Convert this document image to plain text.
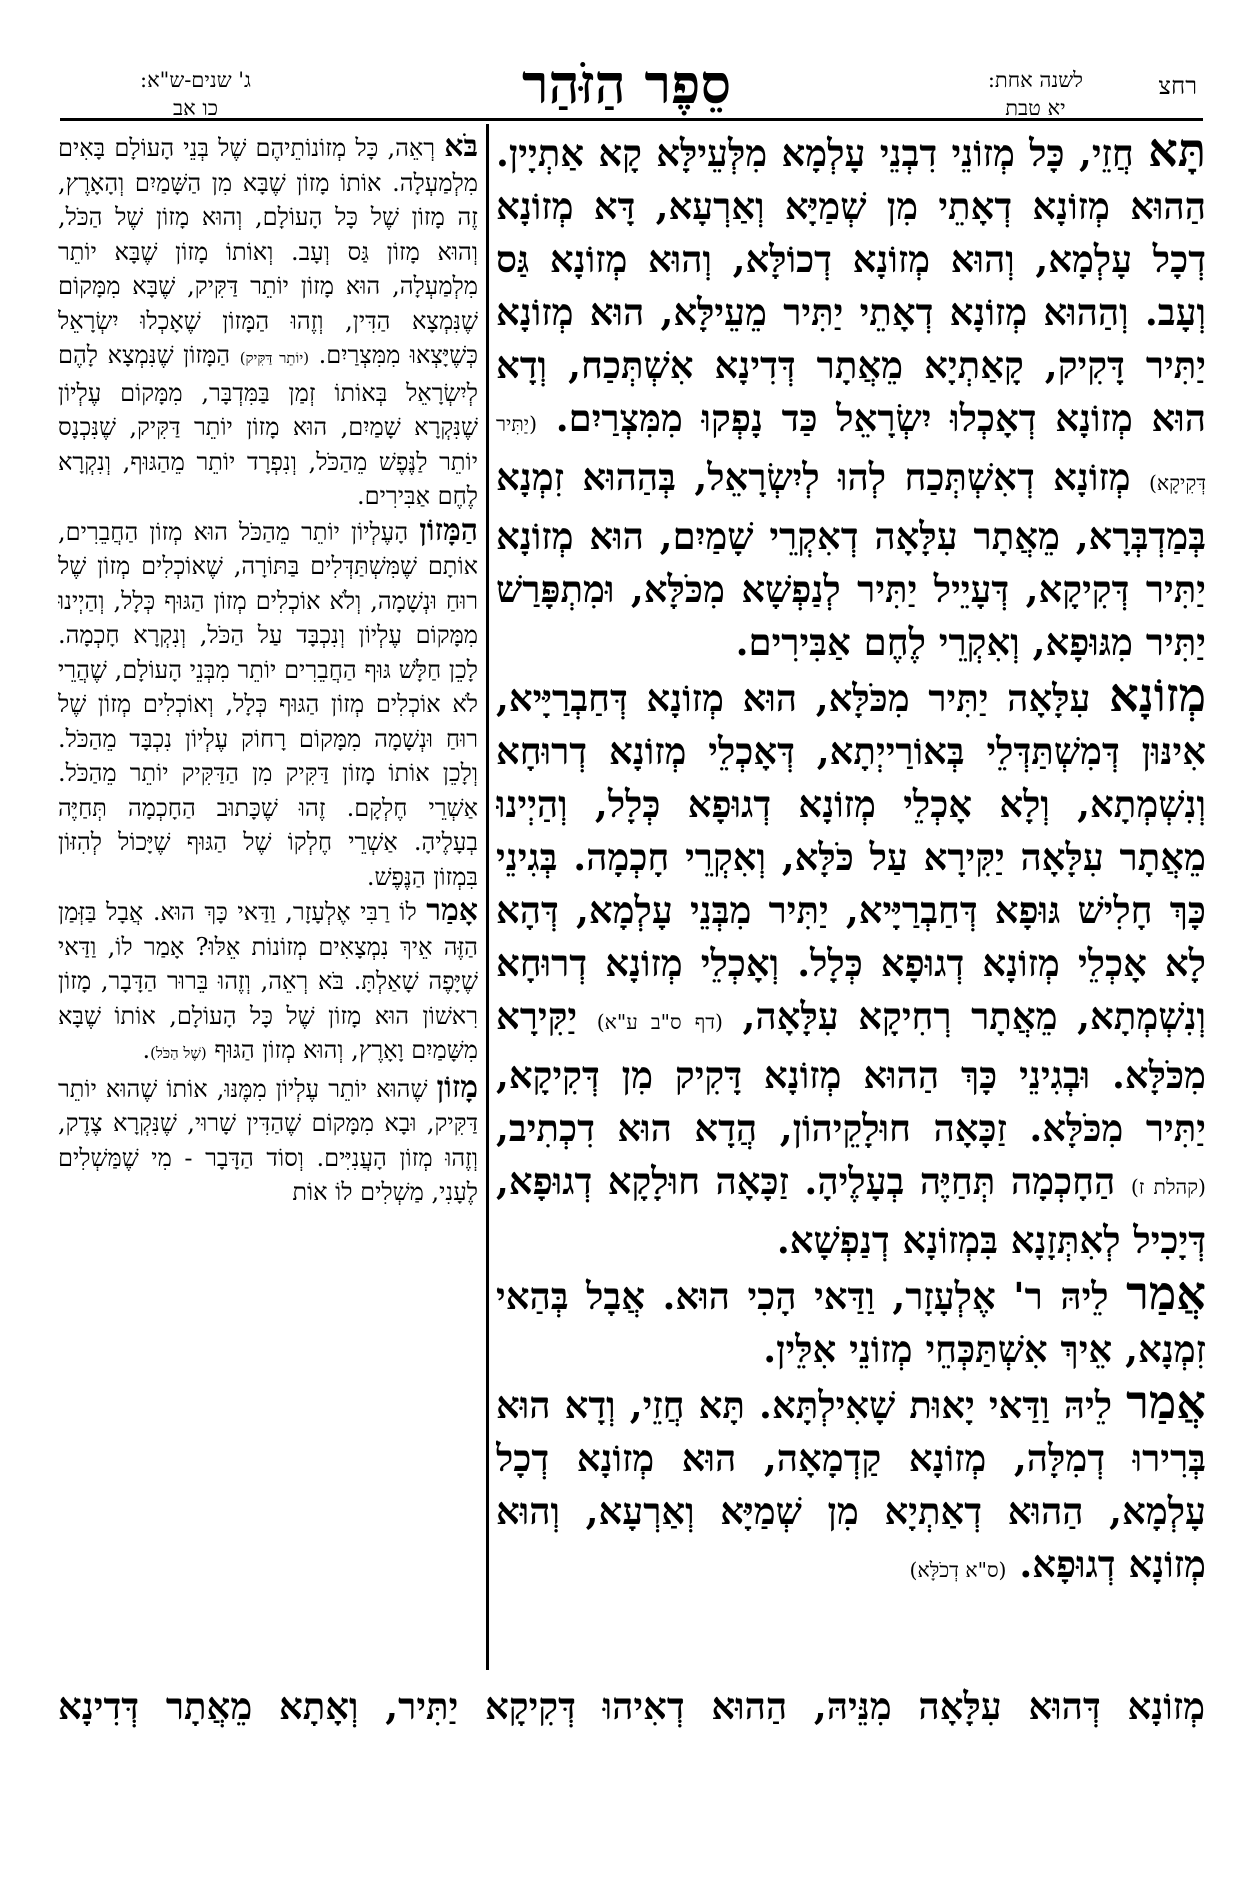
רחצ
לשנה אחת:
יא טבת
סֵפֶר הַזֹּהַר
ג' שנים-ש"א:
כו אב

תָּא חֲזֵי, כָּל מְזוֹנֵי דִבְנֵי עָלְמָא מִלְּעֵילָּא קָא אַתְיָין. הַהוּא מְזוֹנָא דְאָתֵי מִן שְׁמַיָּא וְאַרְעָא, דָּא מְזוֹנָא דְכָל עָלְמָא, וְהוּא מְזוֹנָא דְכוֹלָּא, וְהוּא מְזוֹנָא גַּס וְעָב. וְהַהוּא מְזוֹנָא דְאָתֵי יַתִּיר מֵעֵילָּא, הוּא מְזוֹנָא יַתִּיר דָּקִיק, קָאַתְיָא מֵאֲתָר דְּדִינָא אִשְׁתְּכַח, וְדָא הוּא מְזוֹנָא דְאָכְלוּ יִשְׂרָאֵל כַּד נָפְקוּ מִמִּצְרַיִם. (יַתִּיר דְּקִיקָא) מְזוֹנָא דְאִשְׁתְּכַח לְהוּ לְיִשְׂרָאֵל, בְּהַהוּא זִמְנָא בְּמַדְבְּרָא, מֵאֲתָר עִלָּאָה דְאִקְרֵי שָׁמַיִם, הוּא מְזוֹנָא יַתִּיר דְּקִיקָא, דְּעָיֵיל יַתִּיר לְנַפְשָׁא מִכֹּלָּא, וּמִתְפָּרַשׁ יַתִּיר מִגּוּפָא, וְאִקְרֵי לֶחֶם אַבִּירִים.

מְזוֹנָא עִלָּאָה יַתִּיר מִכֹּלָּא, הוּא מְזוֹנָא דְּחַבְרַיָּיא, אִינּוּן דְּמִשְׁתַּדְּלֵי בְּאוֹרַייְתָא, דְּאָכְלֵי מְזוֹנָא דְרוּחָא וְנִשְׁמְתָא, וְלָא אָכְלֵי מְזוֹנָא דְגוּפָא כְּלָל, וְהַיְינוּ מֵאֲתָר עִלָּאָה יַקִּירָא עַל כֹּלָּא, וְאִקְרֵי חָכְמָה. בְּגִינֵי כָּךְ חָלִישׁ גּוּפָא דְּחַבְרַיָּיא, יַתִּיר מִבְּנֵי עָלְמָא, דְּהָא לָא אָכְלֵי מְזוֹנָא דְגוּפָא כְּלָל. וְאָכְלֵי מְזוֹנָא דְרוּחָא וְנִשְׁמְתָא, מֵאֲתָר רְחִיקָא עִלָּאָה, (דף ס"ב ע"א) יַקִּירָא מִכֹּלָּא. וּבְגִינֵי כָּךְ הַהוּא מְזוֹנָא דָּקִיק מִן דְּקִיקָא, יַתִּיר מִכֹּלָּא. זַכָּאָה חוּלָקֵיהוֹן, הֲדָא הוּא דִכְתִיב, (קהלת ז) הַחָכְמָה תְּחַיֶּה בְעָלֶיהָ. זַכָּאָה חוּלָקָא דְגוּפָא, דְּיָכִיל לְאִתְּזָנָא בִּמְזוֹנָא דְנַפְשָׁא.

אֲמַר לֵיהּ ר' אֶלְעָזָר, וַדַּאי הָכִי הוּא. אֲבָל בְּהַאי זִמְנָא, אֵיךְ אִשְׁתַּכְּחֵי מְזוֹנֵי אִלֵּין.

אֲמַר לֵיהּ וַדַּאי יָאוּת שָׁאִילְתָּא. תָּא חֲזֵי, וְדָא הוּא בְּרִירוּ דְמִלָּה, מְזוֹנָא קַדְמָאָה, הוּא מְזוֹנָא דְכָל עָלְמָא, הַהוּא דְאַתְיָא מִן שְׁמַיָּא וְאַרְעָא, וְהוּא מְזוֹנָא דְגוּפָא. (ס"א דְכֹלָּא)

בֹּא רְאֵה, כָּל מְזוֹנוֹתֵיהֶם שֶׁל בְּנֵי הָעוֹלָם בָּאִים מִלְמַעְלָה. אוֹתוֹ מָזוֹן שֶׁבָּא מִן הַשָּׁמַיִם וְהָאָרֶץ, זֶה מָזוֹן שֶׁל כָּל הָעוֹלָם, וְהוּא מָזוֹן שֶׁל הַכֹּל, וְהוּא מָזוֹן גַּס וְעָב. וְאוֹתוֹ מָזוֹן שֶׁבָּא יוֹתֵר מִלְמַעְלָה, הוּא מָזוֹן יוֹתֵר דַּקִּיק, שֶׁבָּא מִמָּקוֹם שֶׁנִּמְצָא הַדִּין, וְזֶהוּ הַמָּזוֹן שֶׁאָכְלוּ יִשְׂרָאֵל כְּשֶׁיָּצְאוּ מִמִּצְרַיִם. (יוֹתֵר דַּקִּיק) הַמָּזוֹן שֶׁנִּמְצָא לָהֶם לְיִשְׂרָאֵל בְּאוֹתוֹ זְמַן בַּמִּדְבָּר, מִמָּקוֹם עֶלְיוֹן שֶׁנִּקְרָא שָׁמַיִם, הוּא מָזוֹן יוֹתֵר דַּקִּיק, שֶׁנִּכְנָס יוֹתֵר לַנֶּפֶשׁ מֵהַכֹּל, וְנִפְרָד יוֹתֵר מֵהַגּוּף, וְנִקְרָא לֶחֶם אַבִּירִים.

הַמָּזוֹן הָעֶלְיוֹן יוֹתֵר מֵהַכֹּל הוּא מְזוֹן הַחֲבֵרִים, אוֹתָם שֶׁמִּשְׁתַּדְּלִים בַּתּוֹרָה, שֶׁאוֹכְלִים מְזוֹן שֶׁל רוּחַ וּנְשָׁמָה, וְלֹא אוֹכְלִים מְזוֹן הַגּוּף כְּלָל, וְהַיְינוּ מִמָּקוֹם עֶלְיוֹן וְנִכְבָּד עַל הַכֹּל, וְנִקְרָא חָכְמָה. לָכֵן חַלָּשׁ גּוּף הַחֲבֵרִים יוֹתֵר מִבְּנֵי הָעוֹלָם, שֶׁהֲרֵי לֹא אוֹכְלִים מְזוֹן הַגּוּף כְּלָל, וְאוֹכְלִים מְזוֹן שֶׁל רוּחַ וּנְשָׁמָה מִמָּקוֹם רָחוֹק עֶלְיוֹן נִכְבָּד מֵהַכֹּל. וְלָכֵן אוֹתוֹ מָזוֹן דַּקִּיק מִן הַדַּקִּיק יוֹתֵר מֵהַכֹּל. אַשְׁרֵי חֶלְקָם. זֶהוּ שֶׁכָּתוּב הַחָכְמָה תְּחַיֶּה בְעָלֶיהָ. אַשְׁרֵי חֶלְקוֹ שֶׁל הַגּוּף שֶׁיָּכוֹל לְהִזּוֹן בִּמְזוֹן הַנֶּפֶשׁ.

אָמַר לוֹ רַבִּי אֶלְעָזָר, וַדַּאי כָּךְ הוּא. אֲבָל בַּזְּמַן הַזֶּה אֵיךְ נִמְצָאִים מְזוֹנוֹת אֵלּוּ? אָמַר לוֹ, וַדַּאי שֶׁיָּפֶה שָׁאַלְתָּ. בֹּא רְאֵה, וְזֶהוּ בֵּרוּר הַדָּבָר, מָזוֹן רִאשׁוֹן הוּא מָזוֹן שֶׁל כָּל הָעוֹלָם, אוֹתוֹ שֶׁבָּא מִשָּׁמַיִם וָאָרֶץ, וְהוּא מְזוֹן הַגּוּף (שֶׁל הַכֹּל).

מָזוֹן שֶׁהוּא יוֹתֵר עֶלְיוֹן מִמֶּנּוּ, אוֹתוֹ שֶׁהוּא יוֹתֵר דַּקִּיק, וּבָא מִמָּקוֹם שֶׁהַדִּין שָׁרוּי, שֶׁנִּקְרָא צֶדֶק, וְזֶהוּ מְזוֹן הָעֲנִיִּים. וְסוֹד הַדָּבָר - מִי שֶׁמַּשְׁלִים לֶעָנִי, מַשְׁלִים לוֹ אוֹת

מְזוֹנָא דְּהוּא עִלָּאָה מִנֵּיהּ, הַהוּא דְאִיהוּ דְּקִיקָא יַתִּיר, וְאָתָא מֵאֲתָר דְּדִינָא
